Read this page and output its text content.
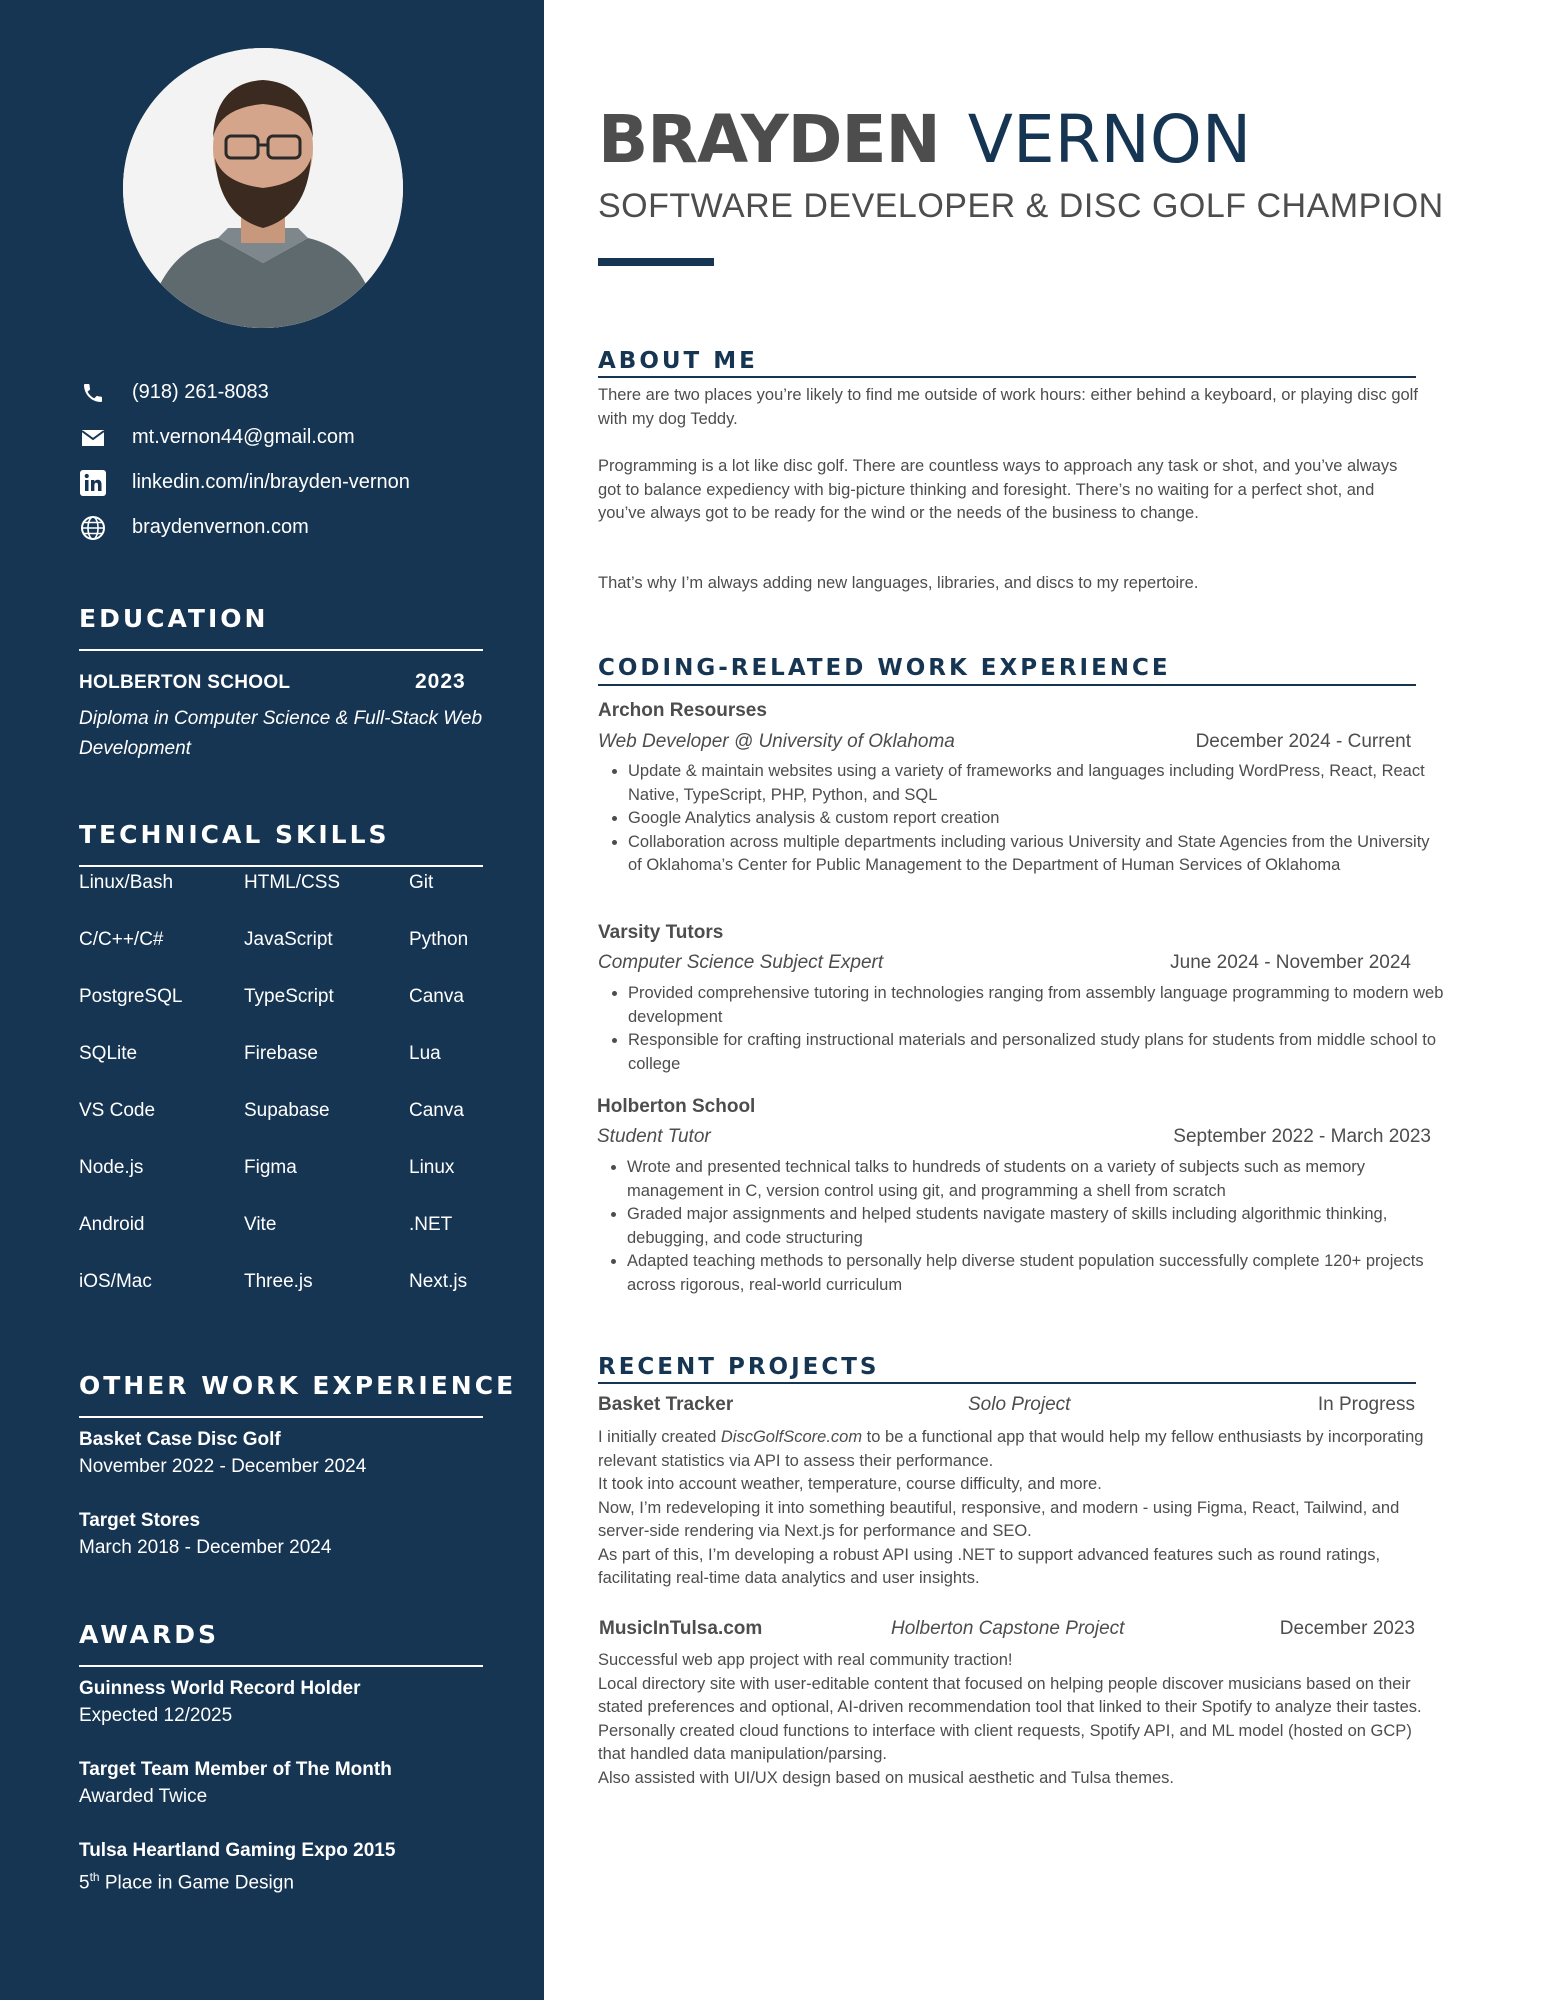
(918) 261-8083
mt.vernon44@gmail.com
linkedin.com/in/brayden-vernon
braydenvernon.com
EDUCATION
HOLBERTON SCHOOL	2023
Diploma in Computer Science & Full-Stack Web Development
TECHNICAL SKILLS
Linux/Bash	HTML/CSS	Git
C/C++/C#	JavaScript	Python
PostgreSQL	TypeScript	Canva
SQLite	Firebase	Lua
VS Code	Supabase	Canva
Node.js	Figma	Linux
Android	Vite	.NET
iOS/Mac	Three.js	Next.js
OTHER WORK EXPERIENCE
Basket Case Disc Golf
November 2022 - December 2024
Target Stores
March 2018 - December 2024
AWARDS
Guinness World Record Holder
Expected 12/2025
Target Team Member of The Month
Awarded Twice
Tulsa Heartland Gaming Expo 2015
5th Place in Game Design
BRAYDEN VERNON
SOFTWARE DEVELOPER & DISC GOLF CHAMPION
ABOUT ME
There are two places you’re likely to find me outside of work hours: either behind a keyboard, or playing disc golf with my dog Teddy.
Programming is a lot like disc golf. There are countless ways to approach any task or shot, and you’ve always got to balance expediency with big-picture thinking and foresight. There’s no waiting for a perfect shot, and you’ve always got to be ready for the wind or the needs of the business to change.
That’s why I’m always adding new languages, libraries, and discs to my repertoire.
CODING-RELATED WORK EXPERIENCE
Archon Resourses
Web Developer @ University of Oklahoma	December 2024 - Current
• Update & maintain websites using a variety of frameworks and languages including WordPress, React, React Native, TypeScript, PHP, Python, and SQL
• Google Analytics analysis & custom report creation
• Collaboration across multiple departments including various University and State Agencies from the University of Oklahoma’s Center for Public Management to the Department of Human Services of Oklahoma
Varsity Tutors
Computer Science Subject Expert	June 2024 - November 2024
• Provided comprehensive tutoring in technologies ranging from assembly language programming to modern web development
• Responsible for crafting instructional materials and personalized study plans for students from middle school to college
Holberton School
Student Tutor	September 2022 - March 2023
• Wrote and presented technical talks to hundreds of students on a variety of subjects such as memory management in C, version control using git, and programming a shell from scratch
• Graded major assignments and helped students navigate mastery of skills including algorithmic thinking, debugging, and code structuring
• Adapted teaching methods to personally help diverse student population successfully complete 120+ projects across rigorous, real-world curriculum
RECENT PROJECTS
Basket Tracker	Solo Project	In Progress
I initially created DiscGolfScore.com to be a functional app that would help my fellow enthusiasts by incorporating relevant statistics via API to assess their performance.
It took into account weather, temperature, course difficulty, and more.
Now, I’m redeveloping it into something beautiful, responsive, and modern - using Figma, React, Tailwind, and server-side rendering via Next.js for performance and SEO.
As part of this, I’m developing a robust API using .NET to support advanced features such as round ratings, facilitating real-time data analytics and user insights.
MusicInTulsa.com	Holberton Capstone Project	December 2023
Successful web app project with real community traction!
Local directory site with user-editable content that focused on helping people discover musicians based on their stated preferences and optional, AI-driven recommendation tool that linked to their Spotify to analyze their tastes.
Personally created cloud functions to interface with client requests, Spotify API, and ML model (hosted on GCP) that handled data manipulation/parsing.
Also assisted with UI/UX design based on musical aesthetic and Tulsa themes.
